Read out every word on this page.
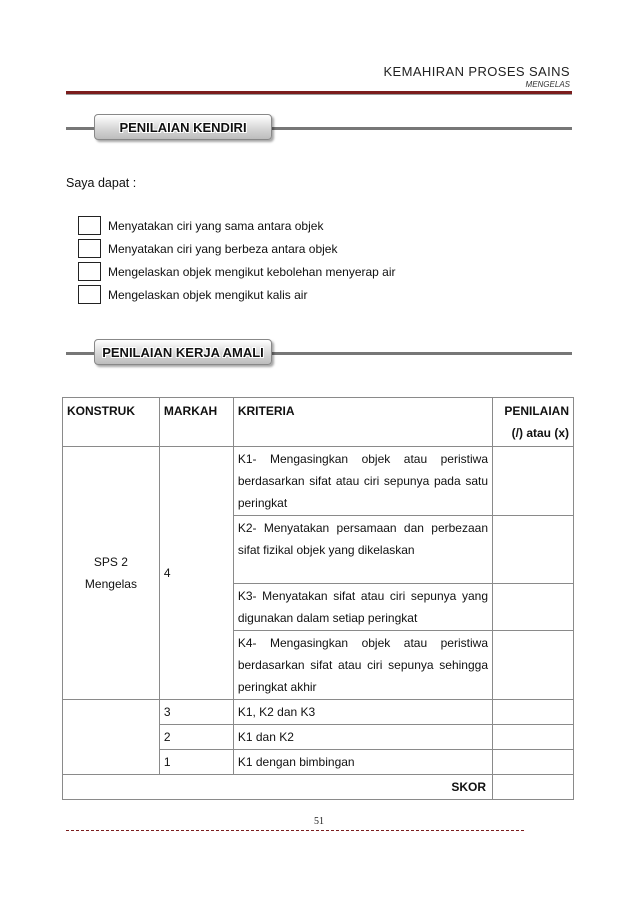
KEMAHIRAN PROSES SAINS
MENGELAS
PENILAIAN KENDIRI
Saya dapat :
Menyatakan ciri yang sama antara objek
Menyatakan ciri yang berbeza antara objek
Mengelaskan objek mengikut kebolehan menyerap air
Mengelaskan objek mengikut kalis air
PENILAIAN KERJA AMALI
KONSTRUK	MARKAH	KRITERIA	PENILAIAN
(/) atau (x)

SPS 2
Mengelas	4	K1- Mengasingkan objek atau peristiwa berdasarkan sifat atau ciri sepunya pada satu peringkat	
		K2- Menyatakan persamaan dan perbezaan sifat fizikal objek yang dikelaskan	
		K3- Menyatakan sifat atau ciri sepunya yang digunakan dalam setiap peringkat	
		K4- Mengasingkan objek atau peristiwa berdasarkan sifat atau ciri sepunya sehingga peringkat akhir	
	3	K1, K2 dan K3	
	2	K1 dan K2	
	1	K1 dengan bimbingan	
SKOR			
51
